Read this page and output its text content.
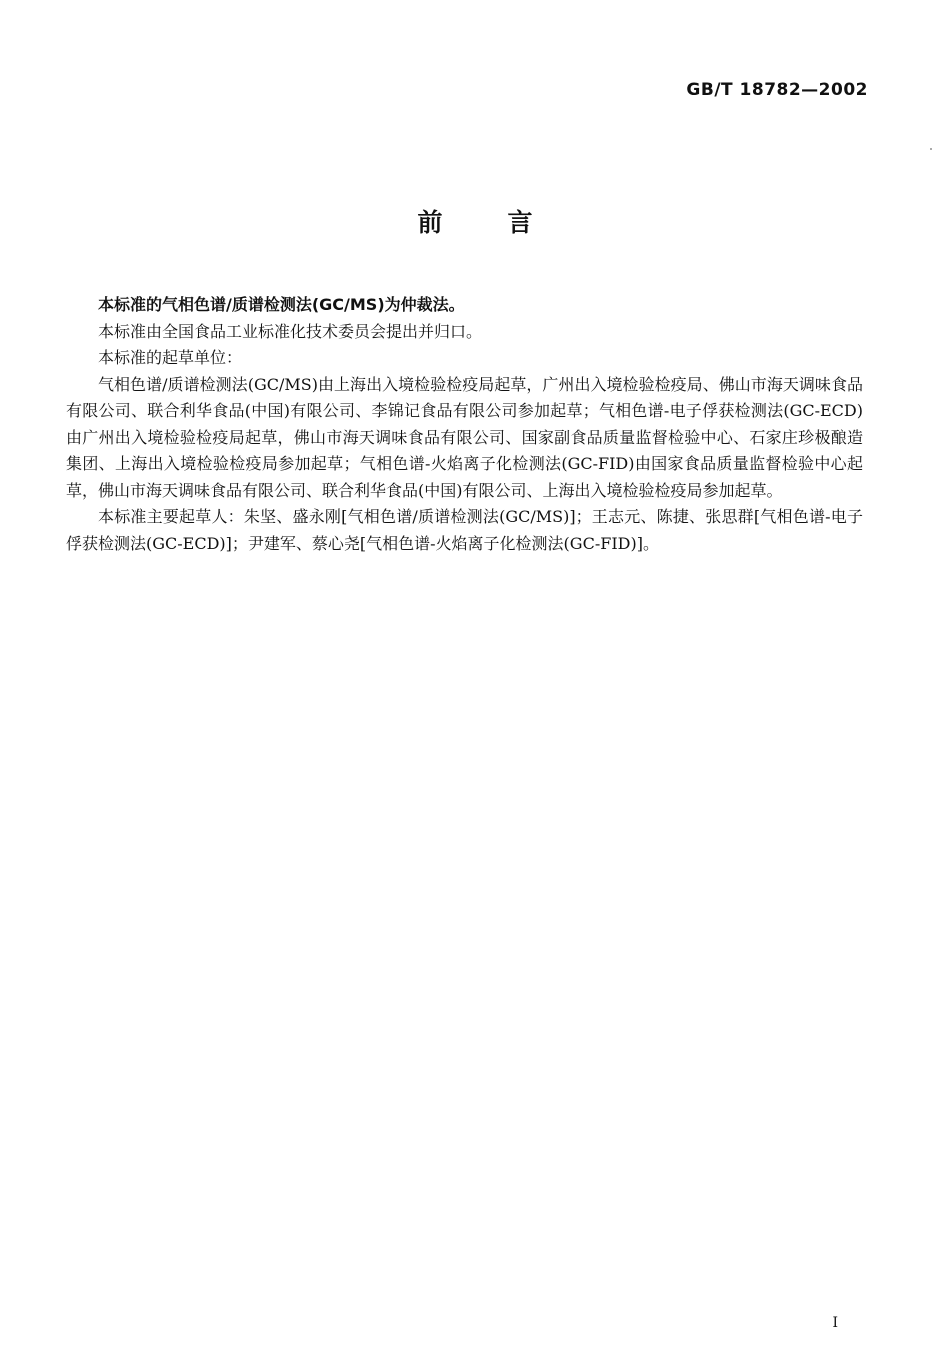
GB/T 18782—2002
前	言

本标准的气相色谱/质谱检测法(GC/MS)为仲裁法。

本标准由全国食品工业标准化技术委员会提出并归口。

本标准的起草单位：

气相色谱/质谱检测法(GC/MS)由上海出入境检验检疫局起草，广州出入境检验检疫局、佛山市海天调味食品有限公司、联合利华食品(中国)有限公司、李锦记食品有限公司参加起草；气相色谱-电子俘获检测法(GC-ECD)由广州出入境检验检疫局起草，佛山市海天调味食品有限公司、国家副食品质量监督检验中心、石家庄珍极酿造集团、上海出入境检验检疫局参加起草；气相色谱-火焰离子化检测法(GC-FID)由国家食品质量监督检验中心起草，佛山市海天调味食品有限公司、联合利华食品(中国)有限公司、上海出入境检验检疫局参加起草。

本标准主要起草人：朱坚、盛永刚[气相色谱/质谱检测法(GC/MS)]；王志元、陈捷、张思群[气相色谱-电子俘获检测法(GC-ECD)]；尹建军、蔡心尧[气相色谱-火焰离子化检测法(GC-FID)]。

I
